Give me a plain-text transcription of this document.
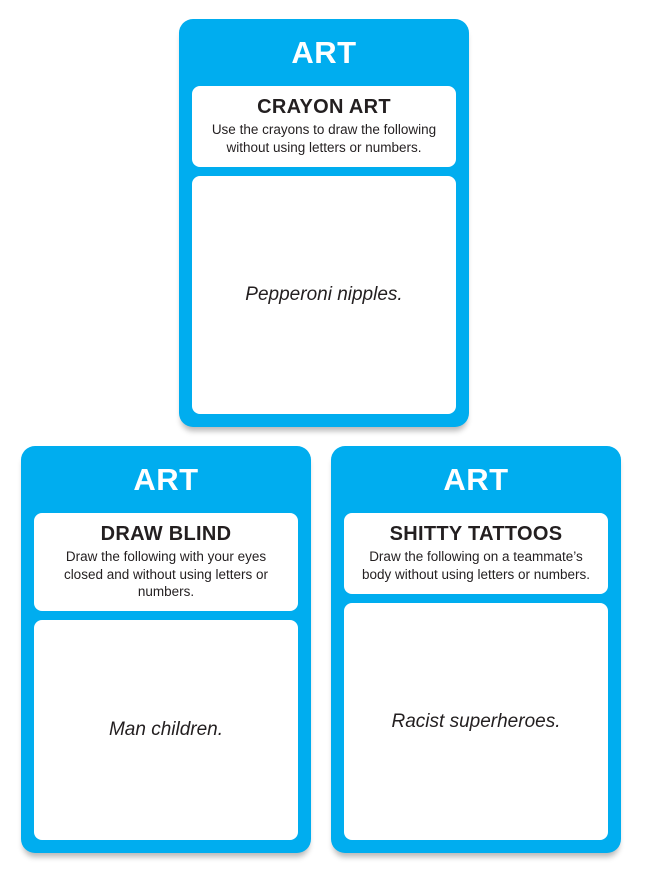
ART
CRAYON ART
Use the crayons to draw the following without using letters or numbers.
Pepperoni nipples.
ART
DRAW BLIND
Draw the following with your eyes closed and without using letters or numbers.
Man children.
ART
SHITTY TATTOOS
Draw the following on a teammate’s body without using letters or numbers.
Racist superheroes.
